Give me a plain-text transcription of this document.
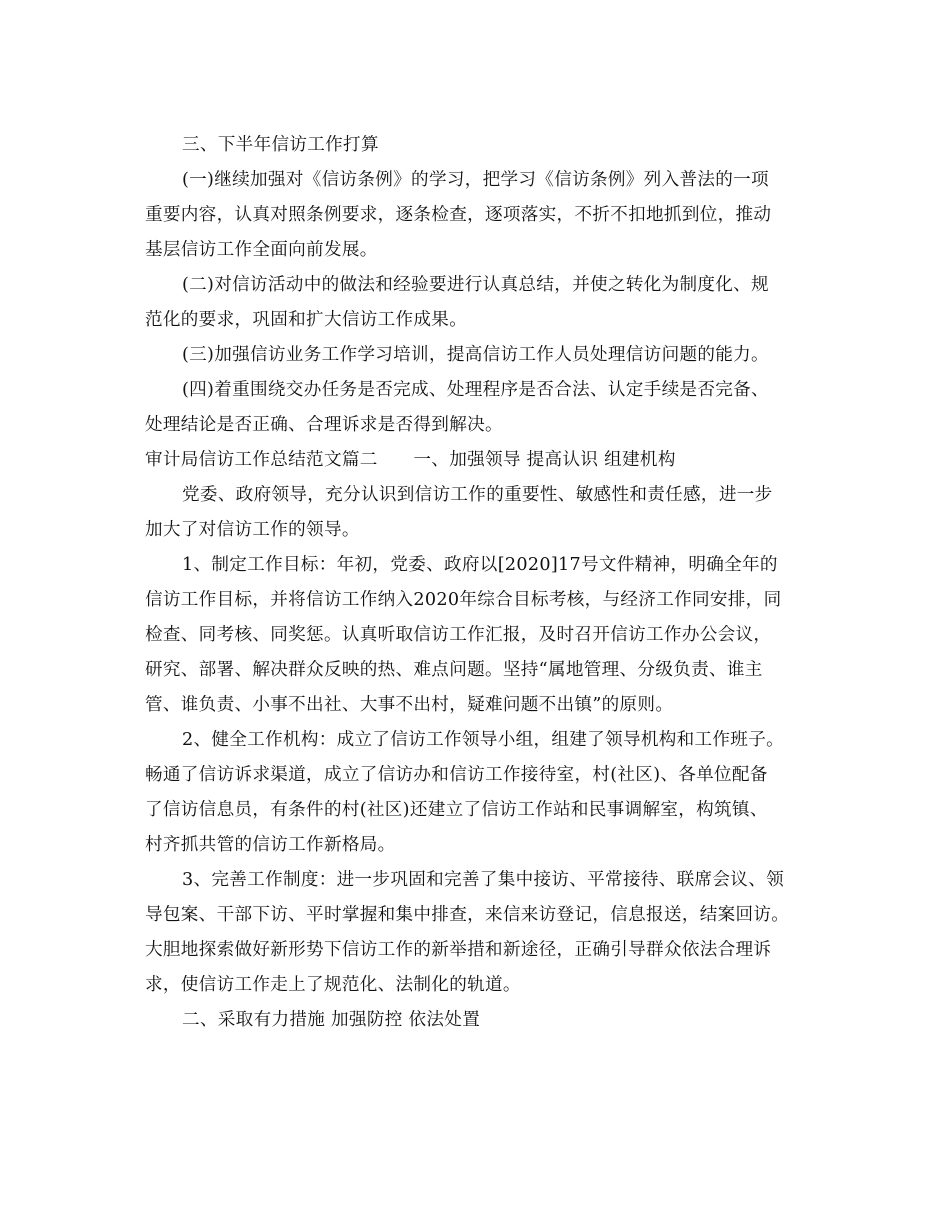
三、下半年信访工作打算
(一)继续加强对《信访条例》的学习，把学习《信访条例》列入普法的一项
重要内容，认真对照条例要求，逐条检查，逐项落实，不折不扣地抓到位，推动
基层信访工作全面向前发展。
(二)对信访活动中的做法和经验要进行认真总结，并使之转化为制度化、规
范化的要求，巩固和扩大信访工作成果。
(三)加强信访业务工作学习培训，提高信访工作人员处理信访问题的能力。
(四)着重围绕交办任务是否完成、处理程序是否合法、认定手续是否完备、
处理结论是否正确、合理诉求是否得到解决。
审计局信访工作总结范文篇二　　一、加强领导 提高认识 组建机构
党委、政府领导，充分认识到信访工作的重要性、敏感性和责任感，进一步
加大了对信访工作的领导。
1、制定工作目标：年初，党委、政府以[2020]17号文件精神，明确全年的
信访工作目标，并将信访工作纳入2020年综合目标考核，与经济工作同安排，同
检查、同考核、同奖惩。认真听取信访工作汇报，及时召开信访工作办公会议，
研究、部署、解决群众反映的热、难点问题。坚持“属地管理、分级负责、谁主
管、谁负责、小事不出社、大事不出村，疑难问题不出镇”的原则。
2、健全工作机构：成立了信访工作领导小组，组建了领导机构和工作班子。
畅通了信访诉求渠道，成立了信访办和信访工作接待室，村(社区)、各单位配备
了信访信息员，有条件的村(社区)还建立了信访工作站和民事调解室，构筑镇、
村齐抓共管的信访工作新格局。
3、完善工作制度：进一步巩固和完善了集中接访、平常接待、联席会议、领
导包案、干部下访、平时掌握和集中排查，来信来访登记，信息报送，结案回访。
大胆地探索做好新形势下信访工作的新举措和新途径，正确引导群众依法合理诉
求，使信访工作走上了规范化、法制化的轨道。
二、采取有力措施 加强防控 依法处置
